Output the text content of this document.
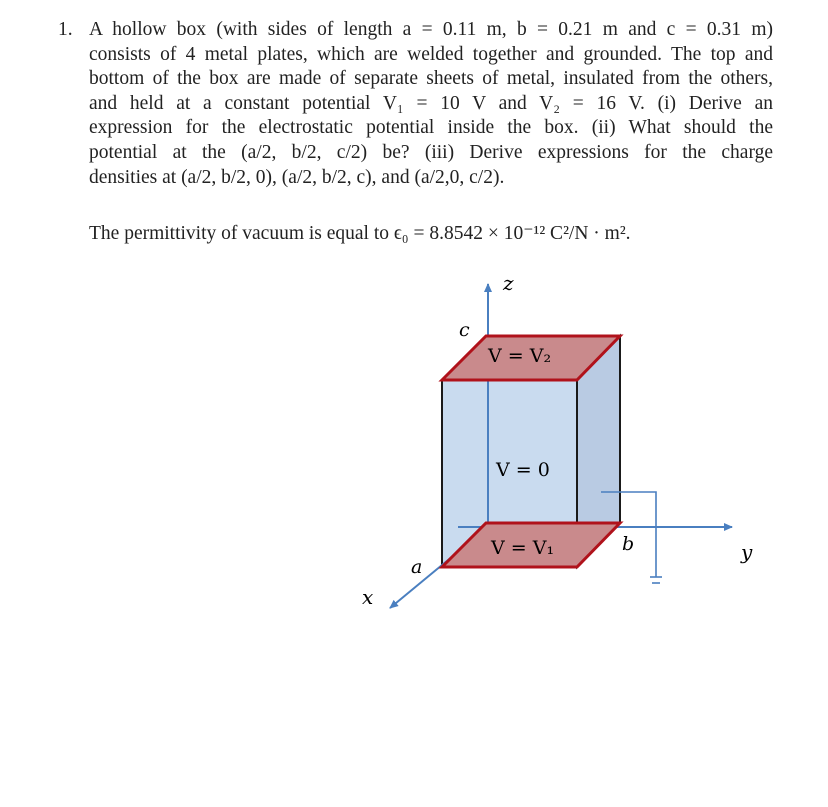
1. A hollow box (with sides of length a = 0.11 m, b = 0.21 m and c = 0.31 m)
consists of 4 metal plates, which are welded together and grounded. The top and
bottom of the box are made of separate sheets of metal, insulated from the others,
and held at a constant potential V₁ = 10 V and V₂ = 16 V. (i) Derive an
expression for the electrostatic potential inside the box. (ii) What should the
potential at the (a/2, b/2, c/2) be? (iii) Derive expressions for the charge
densities at (a/2, b/2, 0), (a/2, b/2, c), and (a/2,0, c/2).
The permittivity of vacuum is equal to ϵ₀ = 8.8542 × 10⁻¹² C²/N · m².
z
c
V = V₂
V = 0
V = V₁	b	y
a
x
